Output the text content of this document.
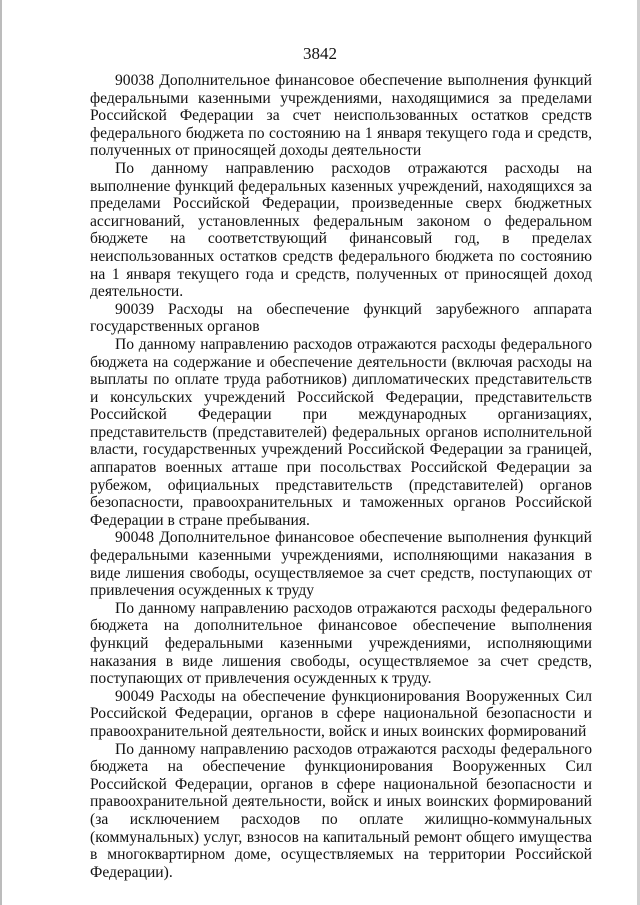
3842

90038 Дополнительное финансовое обеспечение выполнения функций федеральными казенными учреждениями, находящимися за пределами Российской Федерации за счет неиспользованных остатков средств федерального бюджета по состоянию на 1 января текущего года и средств, полученных от приносящей доходы деятельности

По данному направлению расходов отражаются расходы на выполнение функций федеральных казенных учреждений, находящихся за пределами Российской Федерации, произведенные сверх бюджетных ассигнований, установленных федеральным законом о федеральном бюджете на соответствующий финансовый год, в пределах неиспользованных остатков средств федерального бюджета по состоянию на 1 января текущего года и средств, полученных от приносящей доход деятельности.

90039 Расходы на обеспечение функций зарубежного аппарата государственных органов

По данному направлению расходов отражаются расходы федерального бюджета на содержание и обеспечение деятельности (включая расходы на выплаты по оплате труда работников) дипломатических представительств и консульских учреждений Российской Федерации, представительств Российской Федерации при международных организациях, представительств (представителей) федеральных органов исполнительной власти, государственных учреждений Российской Федерации за границей, аппаратов военных атташе при посольствах Российской Федерации за рубежом, официальных представительств (представителей) органов безопасности, правоохранительных и таможенных органов Российской Федерации в стране пребывания.

90048 Дополнительное финансовое обеспечение выполнения функций федеральными казенными учреждениями, исполняющими наказания в виде лишения свободы, осуществляемое за счет средств, поступающих от привлечения осужденных к труду

По данному направлению расходов отражаются расходы федерального бюджета на дополнительное финансовое обеспечение выполнения функций федеральными казенными учреждениями, исполняющими наказания в виде лишения свободы, осуществляемое за счет средств, поступающих от привлечения осужденных к труду.

90049 Расходы на обеспечение функционирования Вооруженных Сил Российской Федерации, органов в сфере национальной безопасности и правоохранительной деятельности, войск и иных воинских формирований

По данному направлению расходов отражаются расходы федерального бюджета на обеспечение функционирования Вооруженных Сил Российской Федерации, органов в сфере национальной безопасности и правоохранительной деятельности, войск и иных воинских формирований (за исключением расходов по оплате жилищно-коммунальных (коммунальных) услуг, взносов на капитальный ремонт общего имущества в многоквартирном доме, осуществляемых на территории Российской Федерации).
